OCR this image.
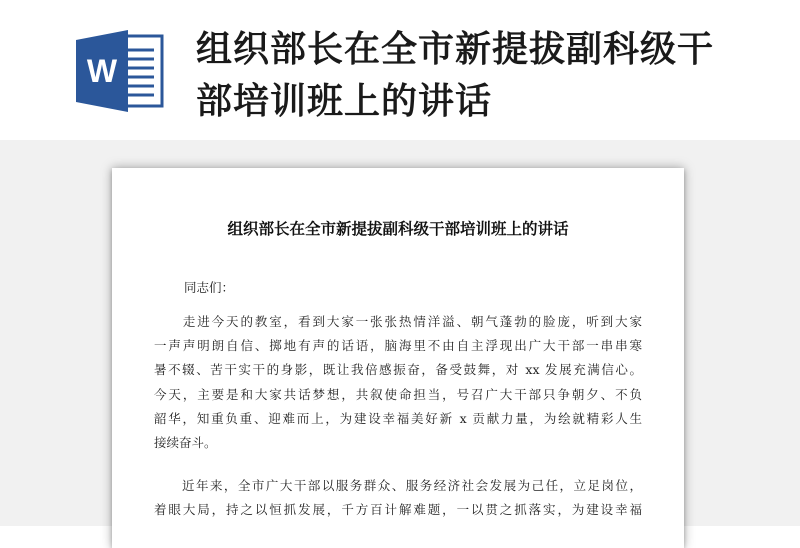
W
组织部长在全市新提拔副科级干
部培训班上的讲话
组织部长在全市新提拔副科级干部培训班上的讲话
同志们：
　　走进今天的教室，看到大家一张张热情洋溢、朝气蓬勃的脸庞，听到大家
一声声明朗自信、掷地有声的话语，脑海里不由自主浮现出广大干部一串串寒
暑不辍、苦干实干的身影，既让我倍感振奋，备受鼓舞，对 xx 发展充满信心。
今天，主要是和大家共话梦想，共叙使命担当，号召广大干部只争朝夕、不负
韶华，知重负重、迎难而上，为建设幸福美好新 x 贡献力量，为绘就精彩人生
接续奋斗。
　　近年来，全市广大干部以服务群众、服务经济社会发展为己任，立足岗位，
着眼大局，持之以恒抓发展，千方百计解难题，一以贯之抓落实，为建设幸福
